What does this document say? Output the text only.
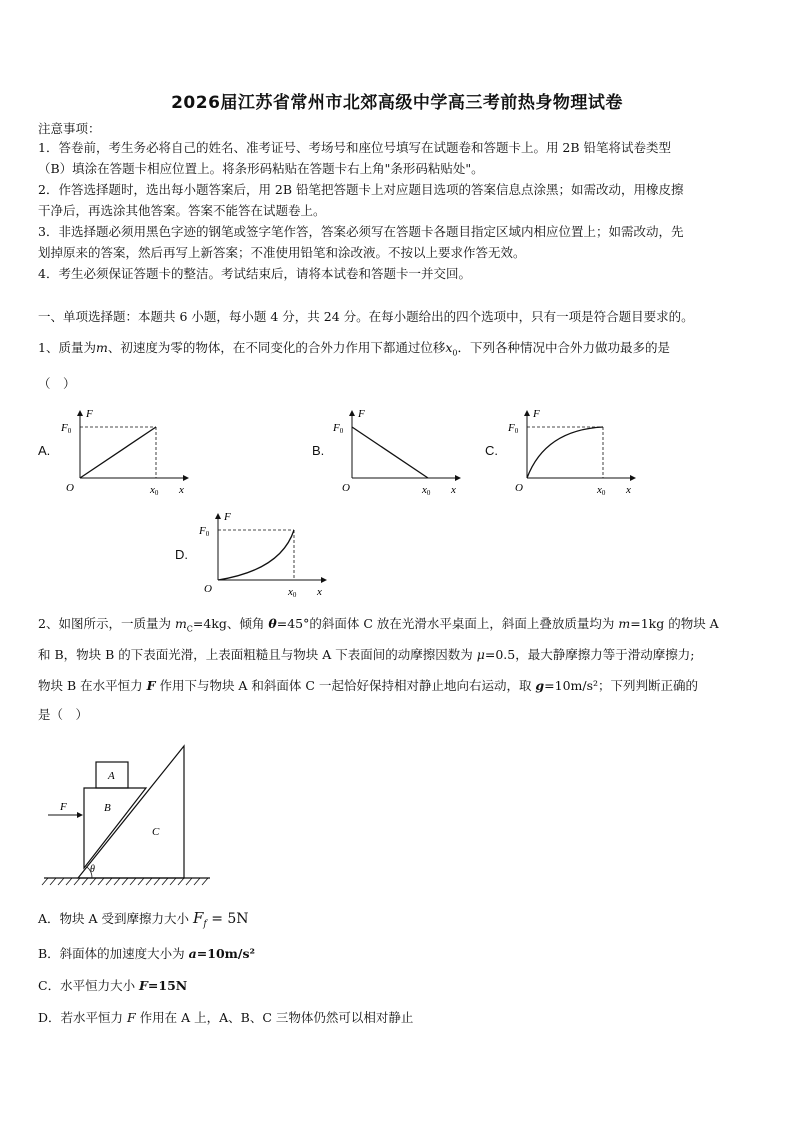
2026届江苏省常州市北郊高级中学高三考前热身物理试卷
注意事项：
1．答卷前，考生务必将自己的姓名、准考证号、考场号和座位号填写在试题卷和答题卡上。用 2B 铅笔将试卷类型
（B）填涂在答题卡相应位置上。将条形码粘贴在答题卡右上角"条形码粘贴处"。
2．作答选择题时，选出每小题答案后，用 2B 铅笔把答题卡上对应题目选项的答案信息点涂黑；如需改动，用橡皮擦
干净后，再选涂其他答案。答案不能答在试题卷上。
3．非选择题必须用黑色字迹的钢笔或签字笔作答，答案必须写在答题卡各题目指定区域内相应位置上；如需改动，先
划掉原来的答案，然后再写上新答案；不准使用铅笔和涂改液。不按以上要求作答无效。
4．考生必须保证答题卡的整洁。考试结束后，请将本试卷和答题卡一并交回。
一、单项选择题：本题共 6 小题，每小题 4 分，共 24 分。在每小题给出的四个选项中，只有一项是符合题目要求的。
1、质量为m、初速度为零的物体，在不同变化的合外力作用下都通过位移$x_0$．下列各种情况中合外力做功最多的是
（　）
A.	B.	C.
D.
F
F0
O	x0 x
F
F0
O	x0 x
F
F0
O	x0 x
F
F0
O	x0 x
2、如图所示，一质量为 $m_C=4kg$、倾角 θ=45°的斜面体 C 放在光滑水平桌面上，斜面上叠放质量均为 m=1kg 的物块 A
和 B，物块 B 的下表面光滑，上表面粗糙且与物块 A 下表面间的动摩擦因数为 μ=0.5，最大静摩擦力等于滑动摩擦力;
物块 B 在水平恒力 F 作用下与物块 A 和斜面体 C 一起恰好保持相对静止地向右运动，取 g=10m/s²；下列判断正确的
是（　）
A
B
C
F
θ
A．物块 A 受到摩擦力大小 $F_f = 5N$
B．斜面体的加速度大小为 a=10m/s²
C．水平恒力大小 F=15N
D．若水平恒力 F 作用在 A 上，A、B、C 三物体仍然可以相对静止
